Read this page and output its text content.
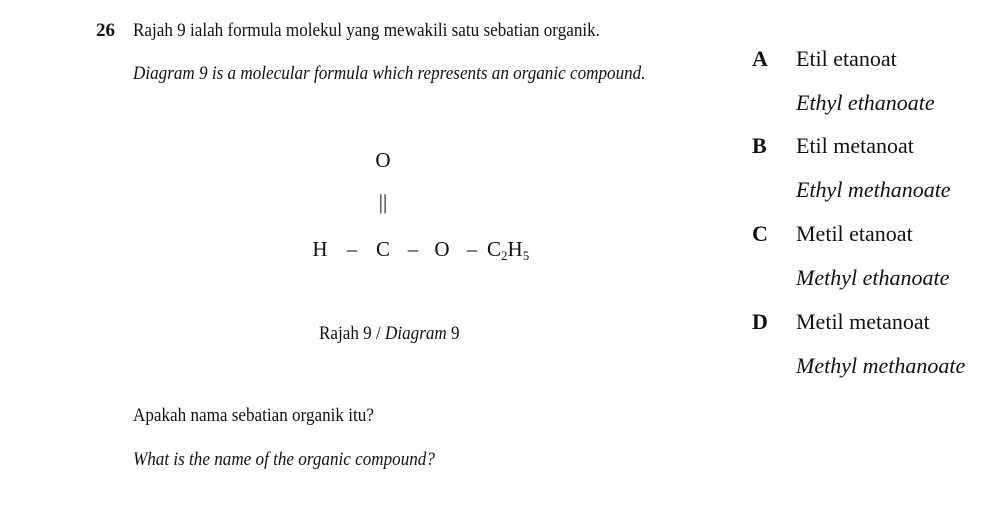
26 Rajah 9 ialah formula molekul yang mewakili satu sebatian organik.
Diagram 9 is a molecular formula which represents an organic compound.
O
||
H – C – O – C2H5
Rajah 9 / Diagram 9
Apakah nama sebatian organik itu?
What is the name of the organic compound?
A Etil etanoat
Ethyl ethanoate
B Etil metanoat
Ethyl methanoate
C Metil etanoat
Methyl ethanoate
D Metil metanoat
Methyl methanoate
